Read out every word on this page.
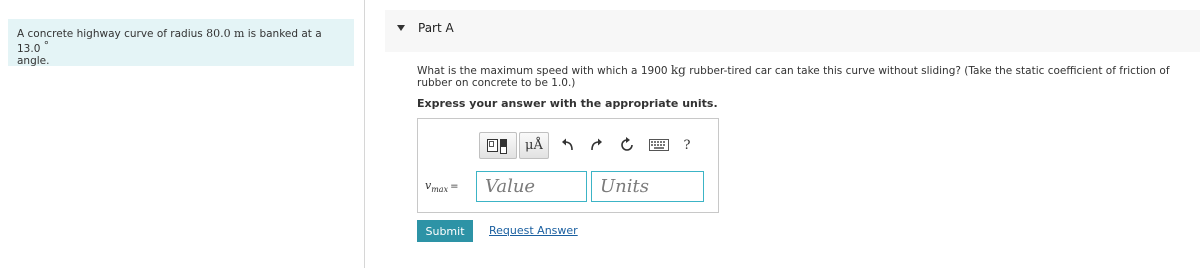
A concrete highway curve of radius 80.0 m is banked at a 13.0 °
angle.
Part A
What is the maximum speed with which a 1900 kg rubber-tired car can take this curve without sliding? (Take the static coefficient of friction of rubber on concrete to be 1.0.)
Express your answer with the appropriate units.
μÅ	?
$v_{max}$ =	Value	Units
Submit	Request Answer
